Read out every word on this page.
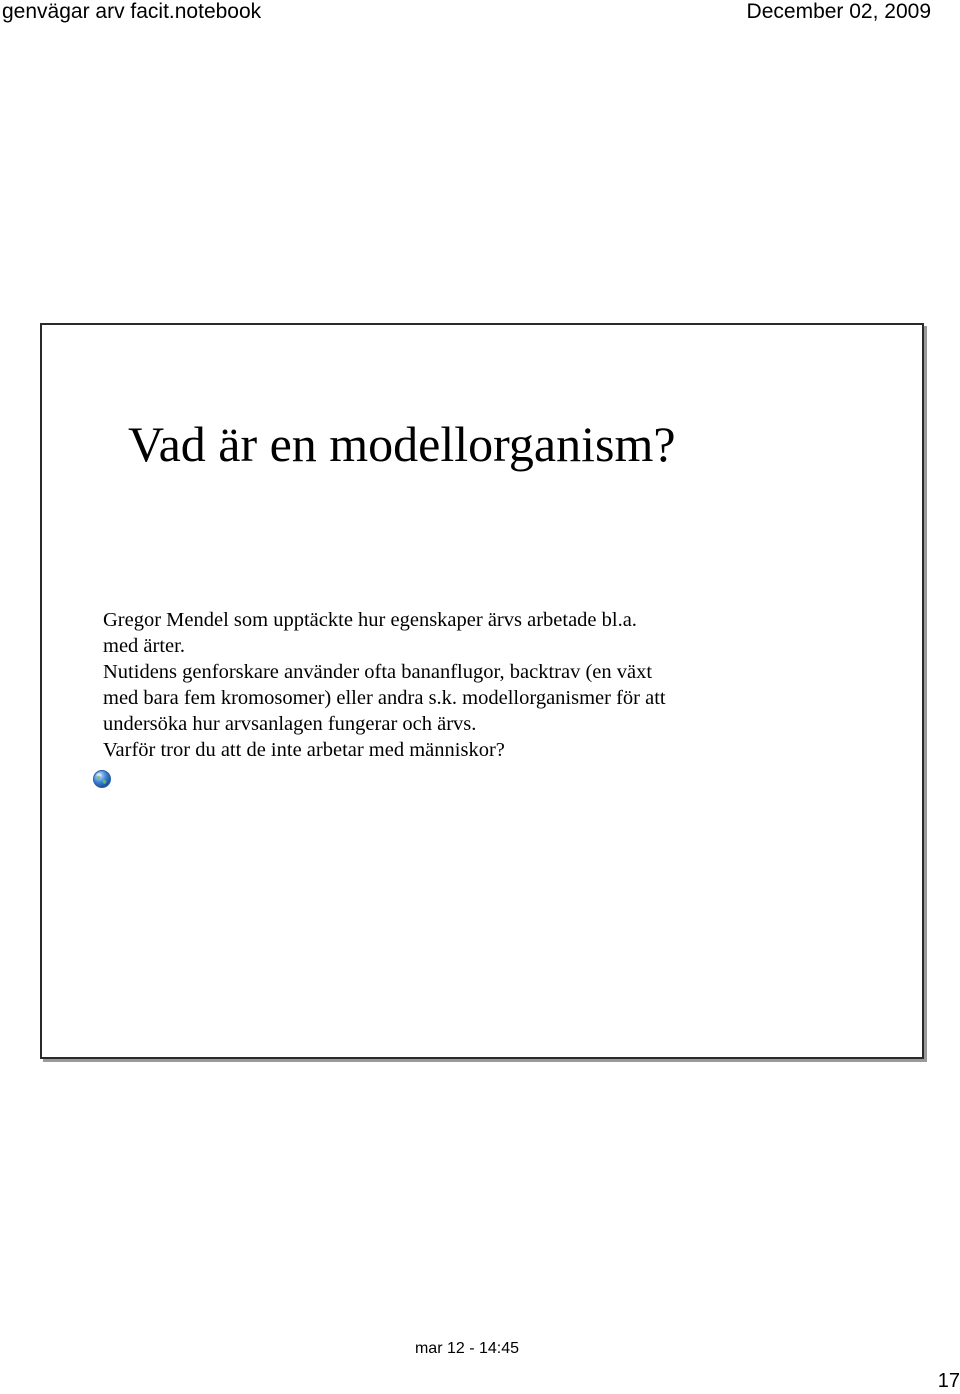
genvägar arv facit.notebook	December 02, 2009
Vad är en modellorganism?
Gregor Mendel som upptäckte hur egenskaper ärvs arbetade bl.a.
med ärter.
Nutidens genforskare använder ofta bananflugor, backtrav (en växt
med bara fem kromosomer) eller andra s.k. modellorganismer för att
undersöka hur arvsanlagen fungerar och ärvs.
Varför tror du att de inte arbetar med människor?
mar 12 - 14:45
17
